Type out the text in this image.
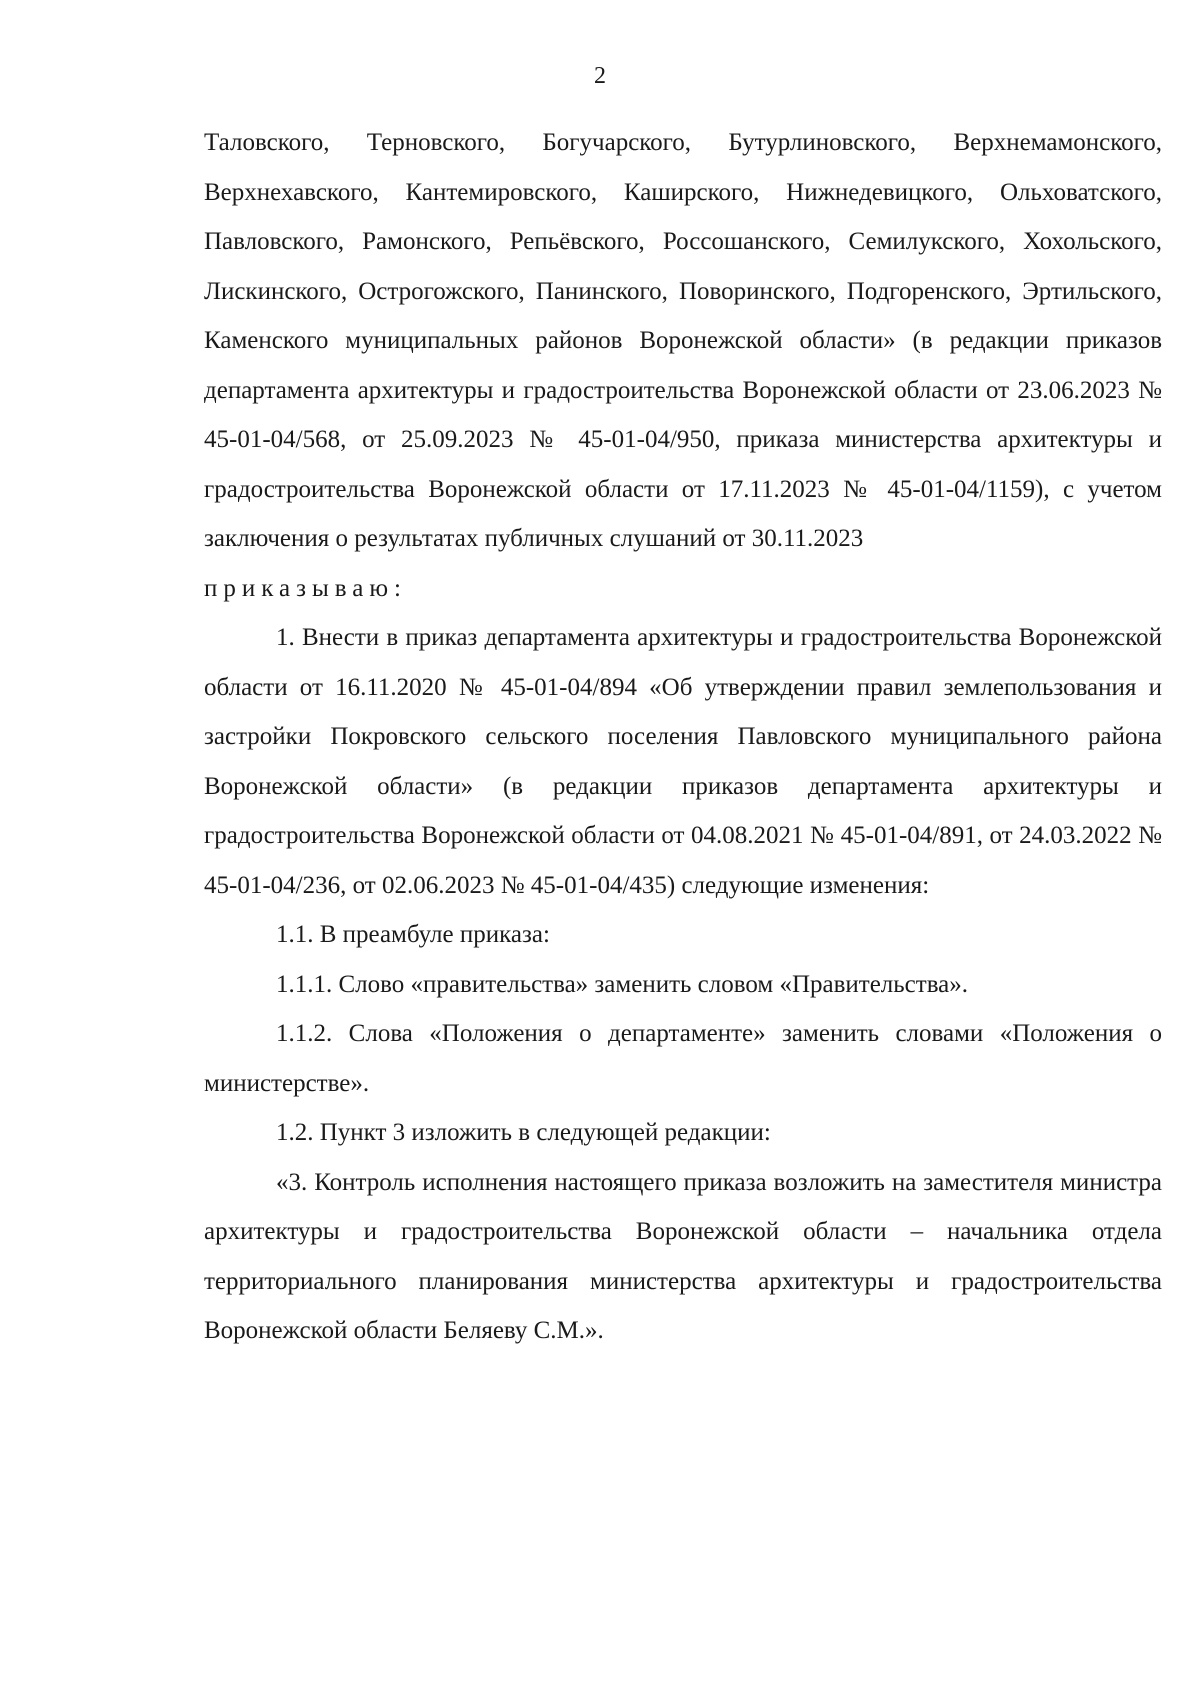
2

Таловского, Терновского, Богучарского, Бутурлиновского, Верхнемамонского, Верхнехавского, Кантемировского, Каширского, Нижнедевицкого, Ольховатского, Павловского, Рамонского, Репьёвского, Россошанского, Семилукского, Хохольского, Лискинского, Острогожского, Панинского, Поворинского, Подгоренского, Эртильского, Каменского муниципальных районов Воронежской области» (в редакции приказов департамента архитектуры и градостроительства Воронежской области от 23.06.2023 № 45-01-04/568, от 25.09.2023 № 45-01-04/950, приказа министерства архитектуры и градостроительства Воронежской области от 17.11.2023 № 45-01-04/1159), с учетом заключения о результатах публичных слушаний от 30.11.2023

приказываю:

1. Внести в приказ департамента архитектуры и градостроительства Воронежской области от 16.11.2020 № 45-01-04/894 «Об утверждении правил землепользования и застройки Покровского сельского поселения Павловского муниципального района Воронежской области» (в редакции приказов департамента архитектуры и градостроительства Воронежской области от 04.08.2021 № 45-01-04/891, от 24.03.2022 № 45-01-04/236, от 02.06.2023 № 45-01-04/435) следующие изменения:

1.1. В преамбуле приказа:

1.1.1. Слово «правительства» заменить словом «Правительства».

1.1.2. Слова «Положения о департаменте» заменить словами «Положения о министерстве».

1.2. Пункт 3 изложить в следующей редакции:

«3. Контроль исполнения настоящего приказа возложить на заместителя министра архитектуры и градостроительства Воронежской области – начальника отдела территориального планирования министерства архитектуры и градостроительства Воронежской области Беляеву С.М.».
